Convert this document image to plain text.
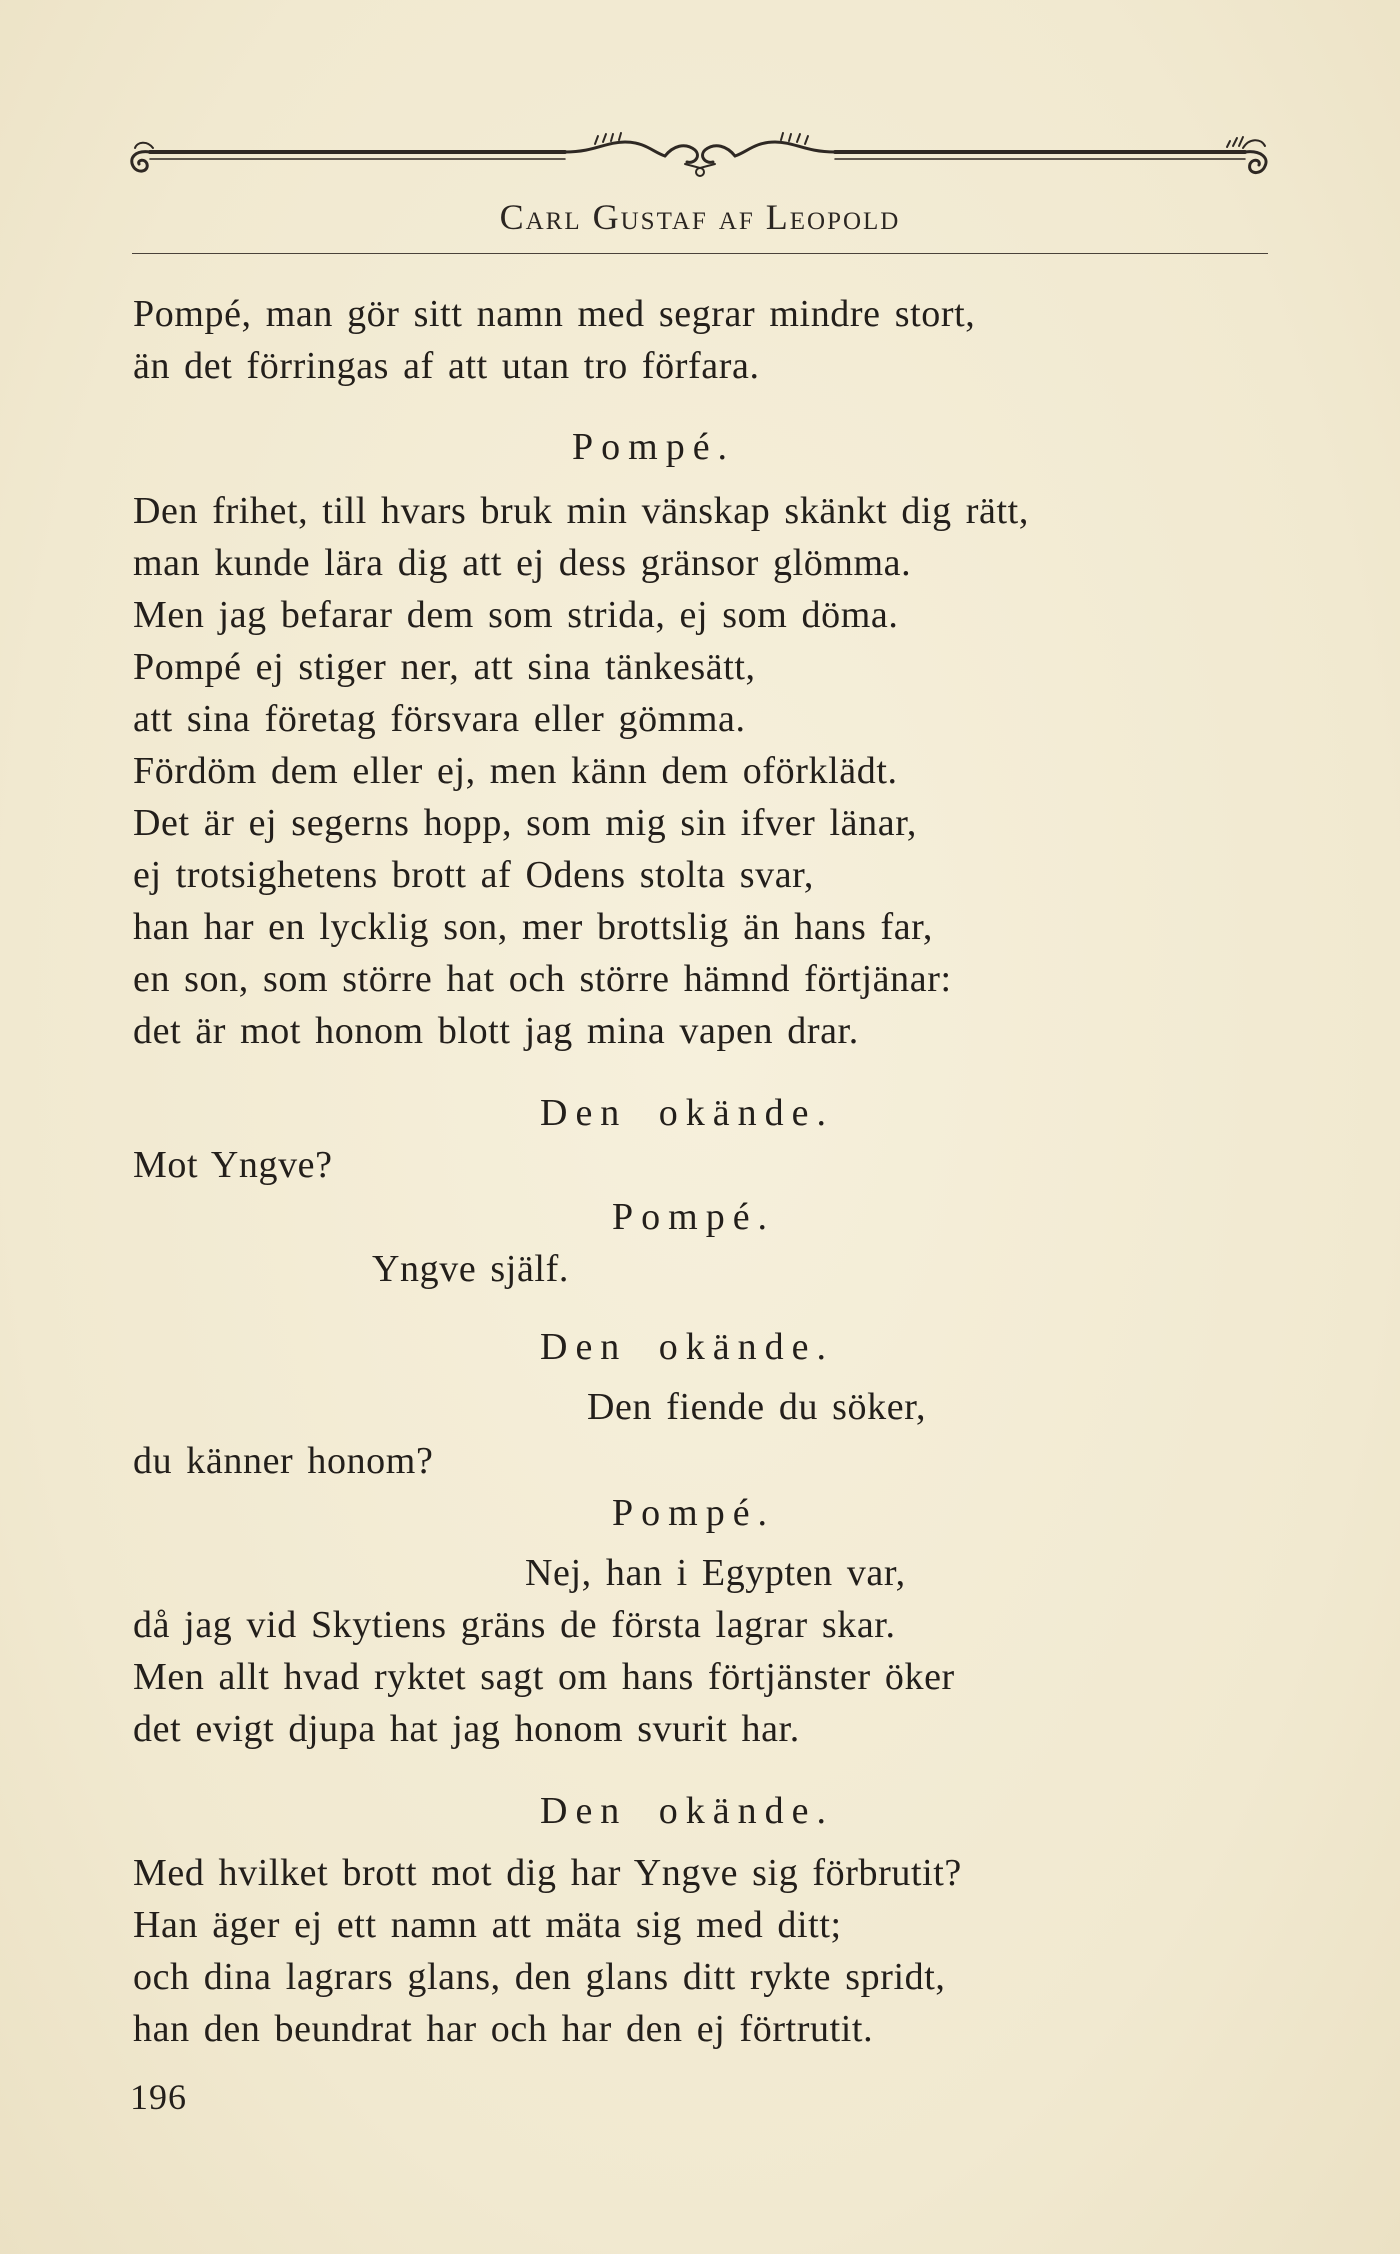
Carl Gustaf af Leopold
Pompé, man gör sitt namn med segrar mindre stort,
än det förringas af att utan tro förfara.
Pompé.
Den frihet, till hvars bruk min vänskap skänkt dig rätt,
man kunde lära dig att ej dess gränsor glömma.
Men jag befarar dem som strida, ej som döma.
Pompé ej stiger ner, att sina tänkesätt,
att sina företag försvara eller gömma.
Fördöm dem eller ej, men känn dem oförklädt.
Det är ej segerns hopp, som mig sin ifver länar,
ej trotsighetens brott af Odens stolta svar,
han har en lycklig son, mer brottslig än hans far,
en son, som större hat och större hämnd förtjänar:
det är mot honom blott jag mina vapen drar.
Den okände.
Mot Yngve?
Pompé.
Yngve själf.
Den okände.
Den fiende du söker,
du känner honom?
Pompé.
Nej, han i Egypten var,
då jag vid Skytiens gräns de första lagrar skar.
Men allt hvad ryktet sagt om hans förtjänster öker
det evigt djupa hat jag honom svurit har.
Den okände.
Med hvilket brott mot dig har Yngve sig förbrutit?
Han äger ej ett namn att mäta sig med ditt;
och dina lagrars glans, den glans ditt rykte spridt,
han den beundrat har och har den ej förtrutit.
196
